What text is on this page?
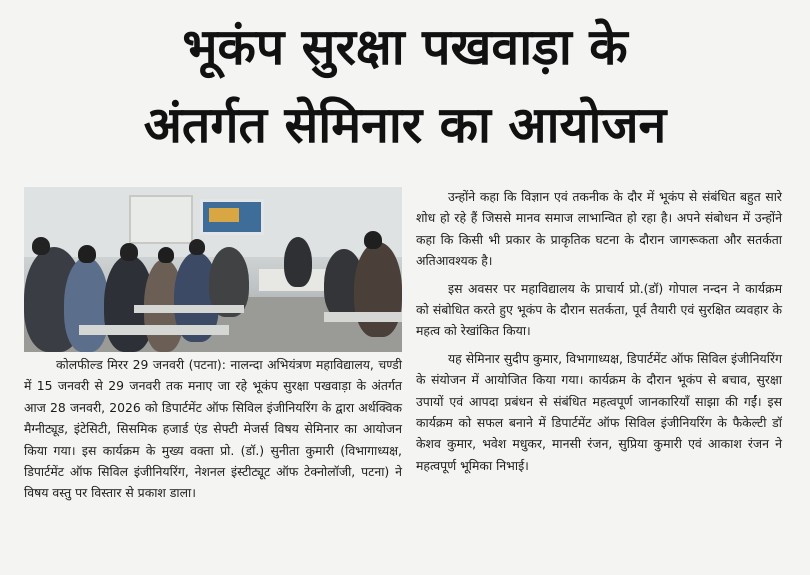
भूकंप सुरक्षा पखवाड़ा के
अंतर्गत सेमिनार का आयोजन

कोलफील्ड मिरर 29 जनवरी (पटना): नालन्दा अभियंत्रण महाविद्यालय, चण्डी में 15 जनवरी से 29 जनवरी तक मनाए जा रहे भूकंप सुरक्षा पखवाड़ा के अंतर्गत आज 28 जनवरी, 2026 को डिपार्टमेंट ऑफ सिविल इंजीनियरिंग के द्वारा अर्थक्विक मैग्नीट्यूड, इंटेसिटी, सिसमिक हजार्ड एंड सेफ्टी मेजर्स विषय सेमिनार का आयोजन किया गया। इस कार्यक्रम के मुख्य वक्ता प्रो. (डॉ.) सुनीता कुमारी (विभागाध्यक्ष, डिपार्टमेंट ऑफ सिविल इंजीनियरिंग, नेशनल इंस्टीट्यूट ऑफ टेक्नोलॉजी, पटना) ने विषय वस्तु पर विस्तार से प्रकाश डाला।

उन्होंने कहा कि विज्ञान एवं तकनीक के दौर में भूकंप से संबंधित बहुत सारे शोध हो रहे हैं जिससे मानव समाज लाभान्वित हो रहा है। अपने संबोधन में उन्होंने कहा कि किसी भी प्रकार के प्राकृतिक घटना के दौरान जागरूकता और सतर्कता अतिआवश्यक है।

इस अवसर पर महाविद्यालय के प्राचार्य प्रो.(डॉ) गोपाल नन्दन ने कार्यक्रम को संबोधित करते हुए भूकंप के दौरान सतर्कता, पूर्व तैयारी एवं सुरक्षित व्यवहार के महत्व को रेखांकित किया।

यह सेमिनार सुदीप कुमार, विभागाध्यक्ष, डिपार्टमेंट ऑफ सिविल इंजीनियरिंग के संयोजन में आयोजित किया गया। कार्यक्रम के दौरान भूकंप से बचाव, सुरक्षा उपायों एवं आपदा प्रबंधन से संबंधित महत्वपूर्ण जानकारियाँ साझा की गईं। इस कार्यक्रम को सफल बनाने में डिपार्टमेंट ऑफ सिविल इंजीनियरिंग के फैकेल्टी डॉ केशव कुमार, भवेश मधुकर, मानसी रंजन, सुप्रिया कुमारी एवं आकाश रंजन ने महत्वपूर्ण भूमिका निभाई।
